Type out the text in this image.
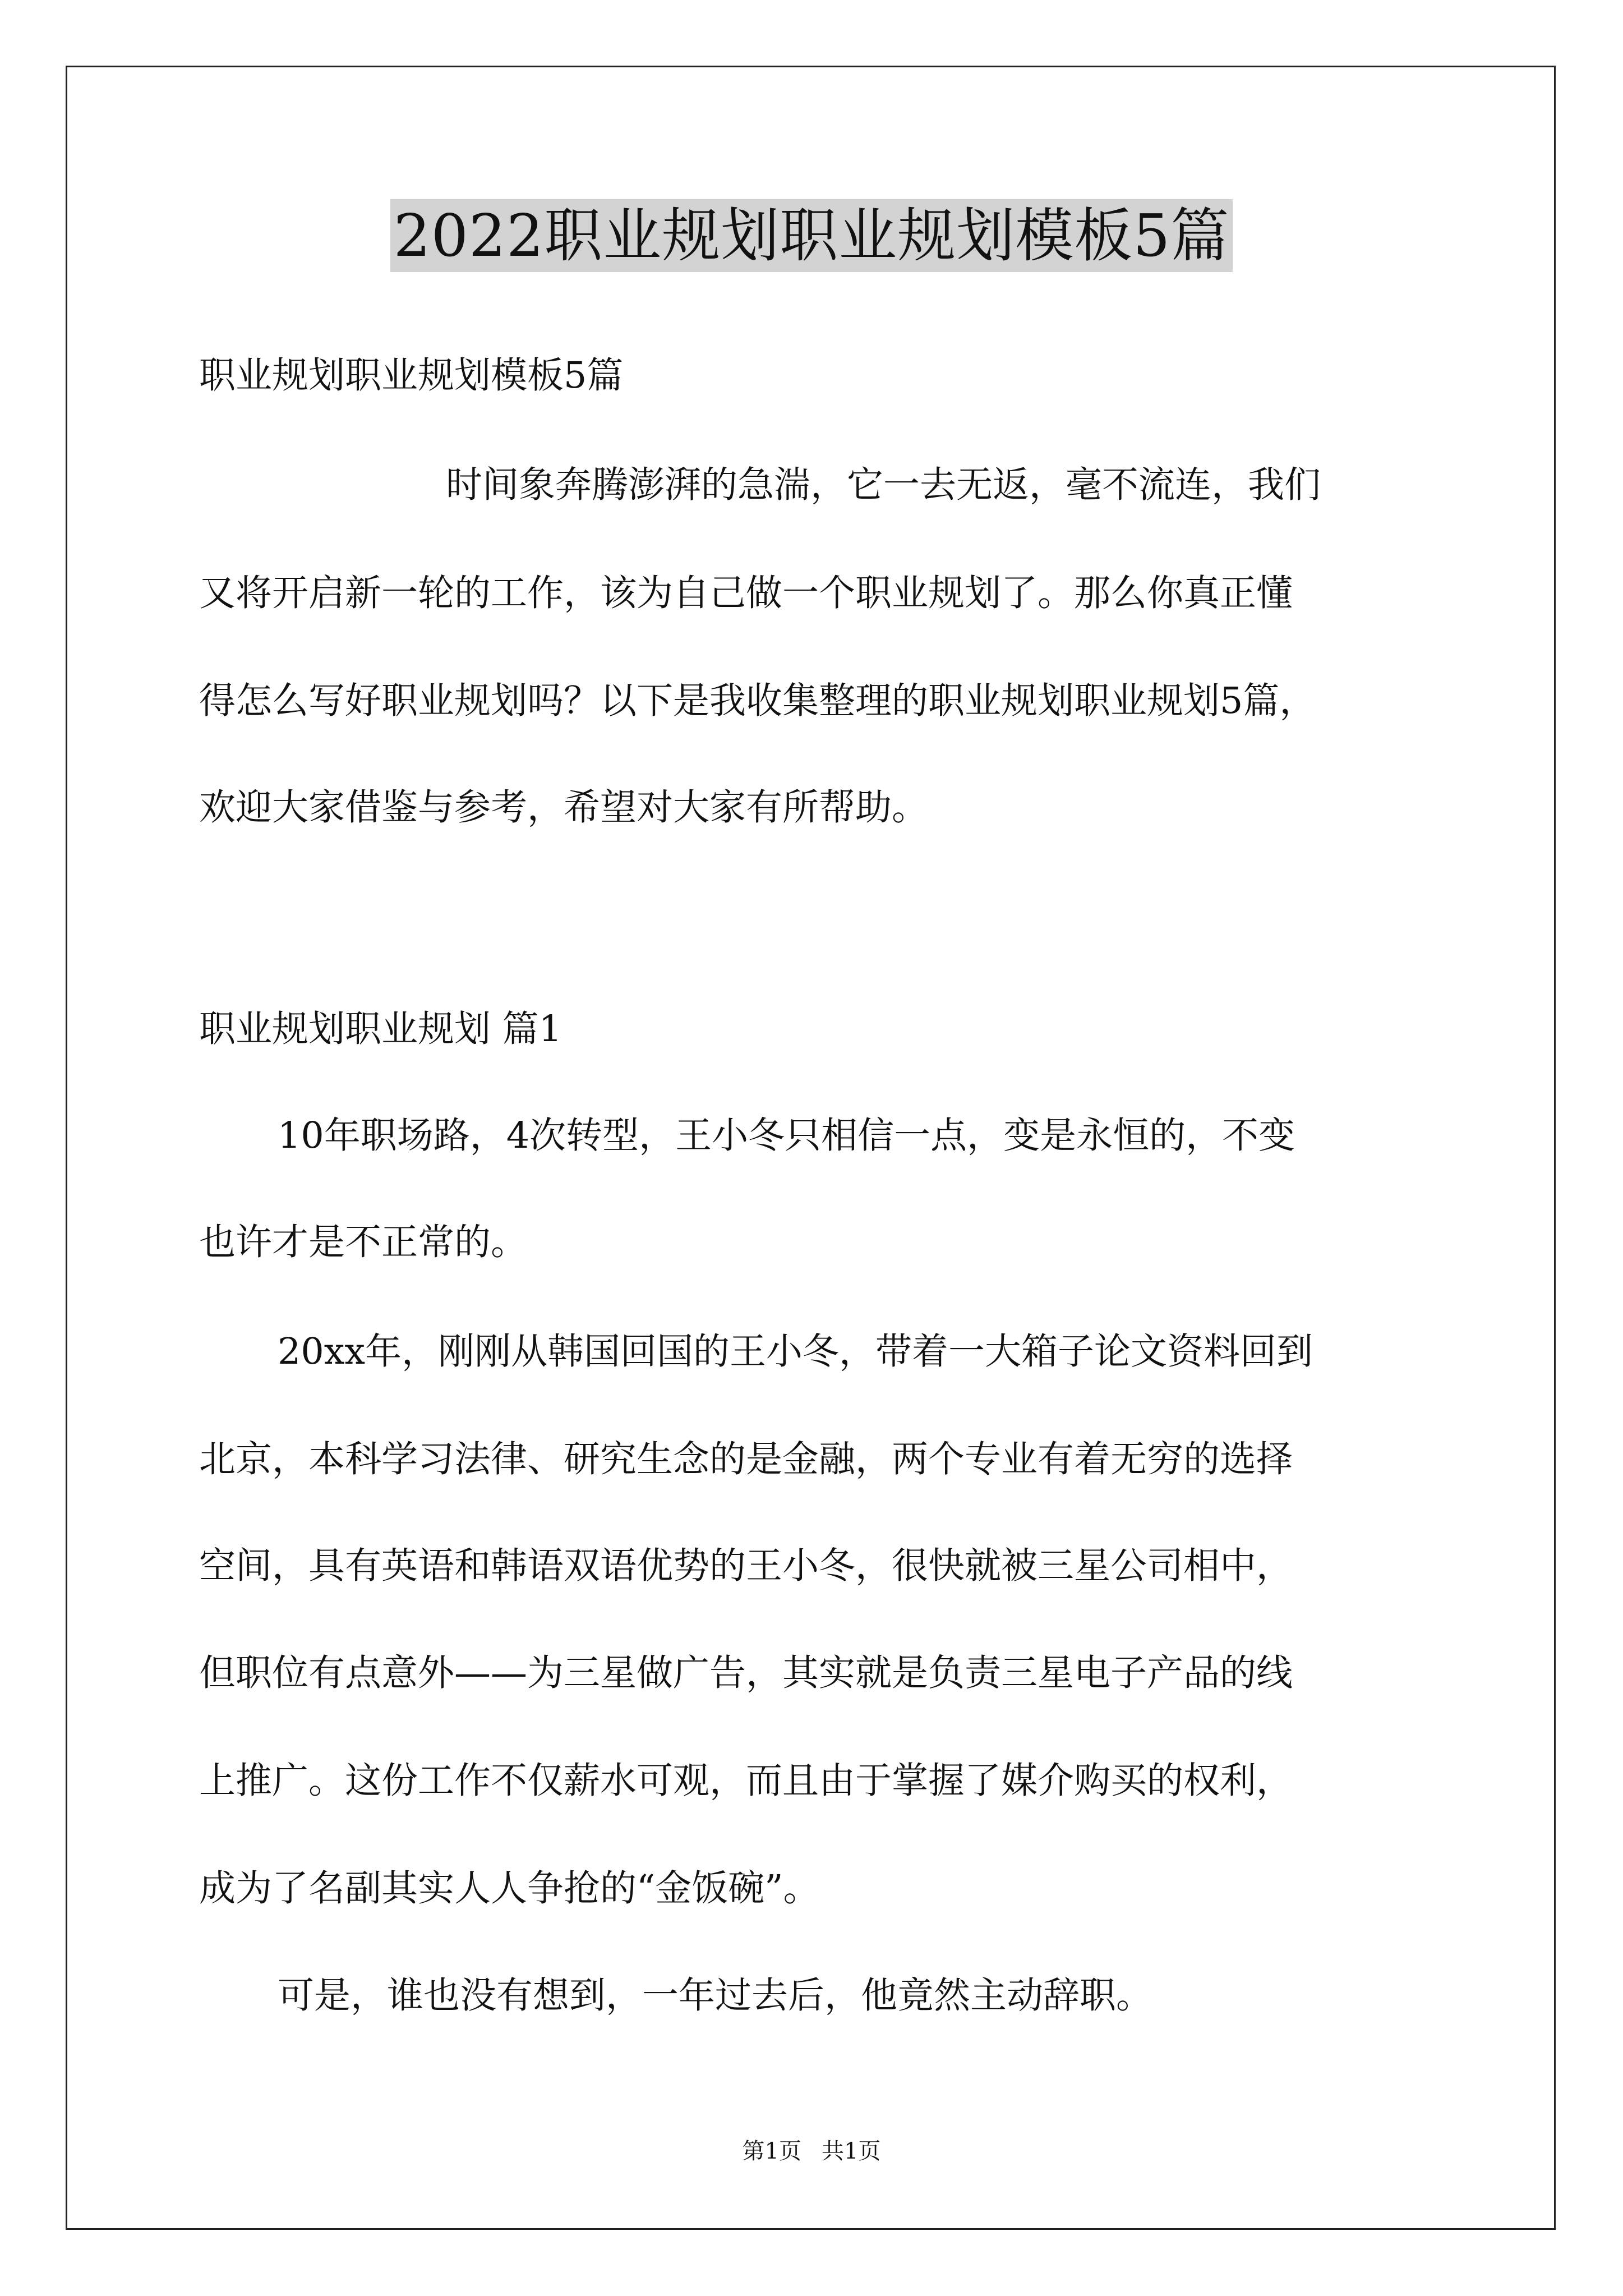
2022职业规划职业规划模板5篇
职业规划职业规划模板5篇
时间象奔腾澎湃的急湍，它一去无返，毫不流连，我们
又将开启新一轮的工作，该为自己做一个职业规划了。那么你真正懂
得怎么写好职业规划吗？以下是我收集整理的职业规划职业规划5篇，
欢迎大家借鉴与参考，希望对大家有所帮助。
职业规划职业规划 篇1
10年职场路，4次转型，王小冬只相信一点，变是永恒的，不变
也许才是不正常的。
20xx年，刚刚从韩国回国的王小冬，带着一大箱子论文资料回到
北京，本科学习法律、研究生念的是金融，两个专业有着无穷的选择
空间，具有英语和韩语双语优势的王小冬，很快就被三星公司相中，
但职位有点意外——为三星做广告，其实就是负责三星电子产品的线
上推广。这份工作不仅薪水可观，而且由于掌握了媒介购买的权利，
成为了名副其实人人争抢的“金饭碗”。
可是，谁也没有想到，一年过去后，他竟然主动辞职。
第1页 共1页
